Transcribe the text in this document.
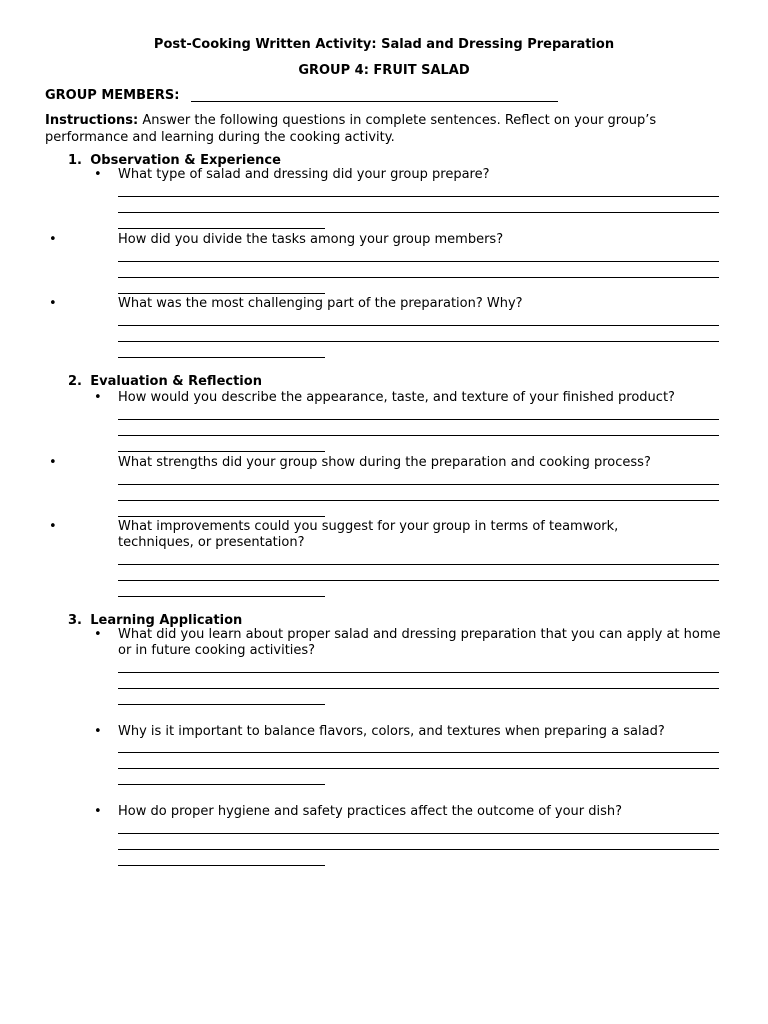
Post-Cooking Written Activity: Salad and Dressing Preparation
GROUP 4: FRUIT SALAD
GROUP MEMBERS:
Instructions: Answer the following questions in complete sentences. Reflect on your group’s performance and learning during the cooking activity.
1. Observation & Experience
• What type of salad and dressing did your group prepare?
•	How did you divide the tasks among your group members?
•	What was the most challenging part of the preparation? Why?
2. Evaluation & Reflection
• How would you describe the appearance, taste, and texture of your finished product?
•	What strengths did your group show during the preparation and cooking process?
•	What improvements could you suggest for your group in terms of teamwork, techniques, or presentation?
3. Learning Application
• What did you learn about proper salad and dressing preparation that you can apply at home or in future cooking activities?
• Why is it important to balance flavors, colors, and textures when preparing a salad?
• How do proper hygiene and safety practices affect the outcome of your dish?
